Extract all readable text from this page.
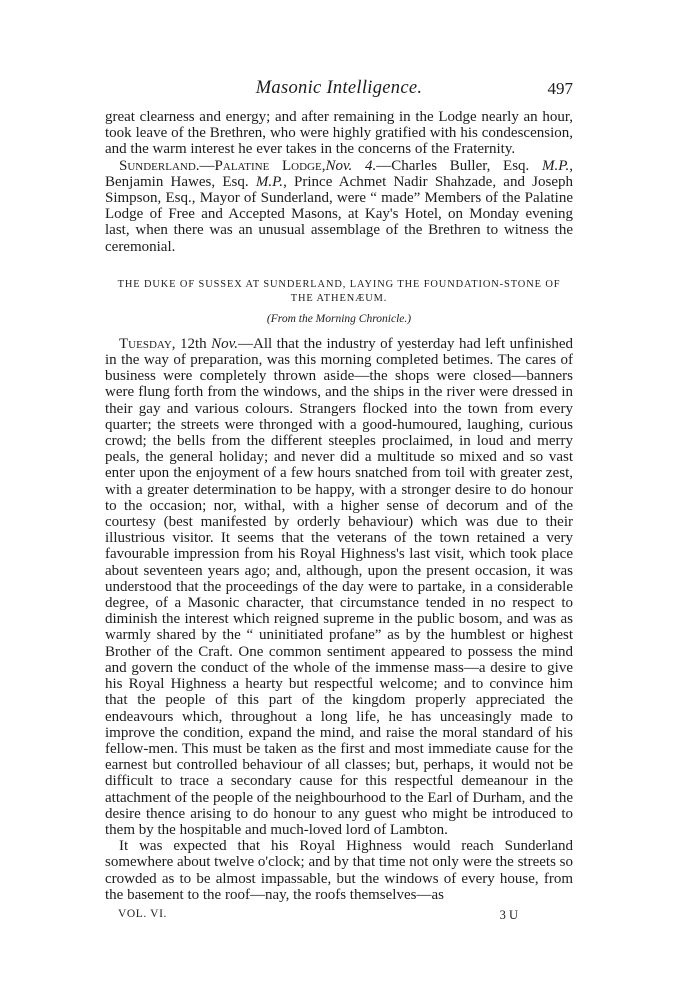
Masonic Intelligence.	497

great clearness and energy; and after remaining in the Lodge nearly an hour, took leave of the Brethren, who were highly gratified with his condescension, and the warm interest he ever takes in the concerns of the Fraternity.

Sunderland.—Palatine Lodge,Nov. 4.—Charles Buller, Esq. M.P., Benjamin Hawes, Esq. M.P., Prince Achmet Nadir Shahzade, and Joseph Simpson, Esq., Mayor of Sunderland, were “ made” Members of the Palatine Lodge of Free and Accepted Masons, at Kay's Hotel, on Monday evening last, when there was an unusual assemblage of the Brethren to witness the ceremonial.

THE DUKE OF SUSSEX AT SUNDERLAND, LAYING THE FOUNDATION-STONE OF THE ATHENÆUM.
(From the Morning Chronicle.)

Tuesday, 12th Nov.—All that the industry of yesterday had left unfinished in the way of preparation, was this morning completed betimes. The cares of business were completely thrown aside—the shops were closed—banners were flung forth from the windows, and the ships in the river were dressed in their gay and various colours. Strangers flocked into the town from every quarter; the streets were thronged with a good-humoured, laughing, curious crowd; the bells from the different steeples proclaimed, in loud and merry peals, the general holiday; and never did a multitude so mixed and so vast enter upon the enjoyment of a few hours snatched from toil with greater zest, with a greater determination to be happy, with a stronger desire to do honour to the occasion; nor, withal, with a higher sense of decorum and of the courtesy (best manifested by orderly behaviour) which was due to their illustrious visitor. It seems that the veterans of the town retained a very favourable impression from his Royal Highness's last visit, which took place about seventeen years ago; and, although, upon the present occasion, it was understood that the proceedings of the day were to partake, in a considerable degree, of a Masonic character, that circumstance tended in no respect to diminish the interest which reigned supreme in the public bosom, and was as warmly shared by the “ uninitiated profane” as by the humblest or highest Brother of the Craft. One common sentiment appeared to possess the mind and govern the conduct of the whole of the immense mass—a desire to give his Royal Highness a hearty but respectful welcome; and to convince him that the people of this part of the kingdom properly appreciated the endeavours which, throughout a long life, he has unceasingly made to improve the condition, expand the mind, and raise the moral standard of his fellow-men. This must be taken as the first and most immediate cause for the earnest but controlled behaviour of all classes; but, perhaps, it would not be difficult to trace a secondary cause for this respectful demeanour in the attachment of the people of the neighbourhood to the Earl of Durham, and the desire thence arising to do honour to any guest who might be introduced to them by the hospitable and much-loved lord of Lambton.

It was expected that his Royal Highness would reach Sunderland somewhere about twelve o'clock; and by that time not only were the streets so crowded as to be almost impassable, but the windows of every house, from the basement to the roof—nay, the roofs themselves—as

VOL. VI.	3 U
